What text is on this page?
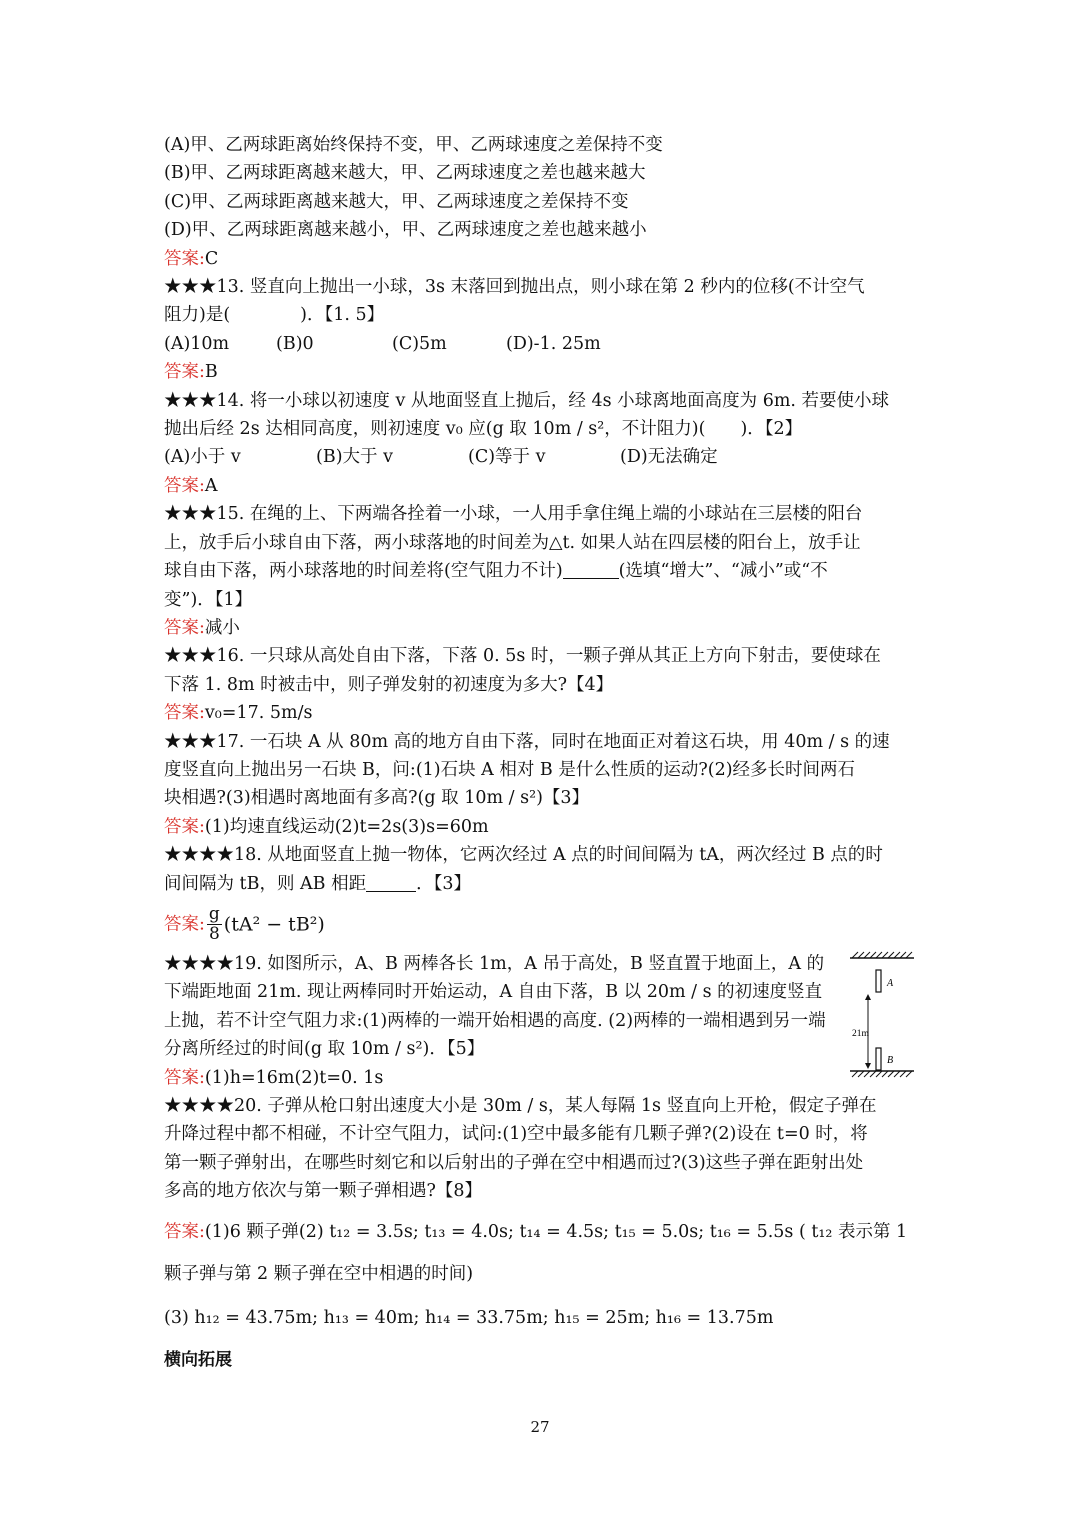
(A)甲、乙两球距离始终保持不变，甲、乙两球速度之差保持不变
(B)甲、乙两球距离越来越大，甲、乙两球速度之差也越来越大
(C)甲、乙两球距离越来越大，甲、乙两球速度之差保持不变
(D)甲、乙两球距离越来越小，甲、乙两球速度之差也越来越小
答案:C
★★★13. 竖直向上抛出一小球，3s 末落回到抛出点，则小球在第 2 秒内的位移(不计空气
阻力)是(　　　　)．【1. 5】
(A)10m	(B)0	(C)5m	(D)-1. 25m
答案:B
★★★14. 将一小球以初速度 v 从地面竖直上抛后，经 4s 小球离地面高度为 6m. 若要使小球
抛出后经 2s 达相同高度，则初速度 v₀ 应(g 取 10m / s²，不计阻力)(　　)．【2】
(A)小于 v	(B)大于 v	(C)等于 v	(D)无法确定
答案:A
★★★15. 在绳的上、下两端各拴着一小球，一人用手拿住绳上端的小球站在三层楼的阳台
上，放手后小球自由下落，两小球落地的时间差为△t. 如果人站在四层楼的阳台上，放手让
球自由下落，两小球落地的时间差将(空气阻力不计)	(选填“增大”、“减小”或“不
变”)．【1】
答案:减小
★★★16. 一只球从高处自由下落，下落 0. 5s 时，一颗子弹从其正上方向下射击，要使球在
下落 1. 8m 时被击中，则子弹发射的初速度为多大?【4】
答案:v₀=17. 5m/s
★★★17. 一石块 A 从 80m 高的地方自由下落，同时在地面正对着这石块，用 40m / s 的速
度竖直向上抛出另一石块 B，问:(1)石块 A 相对 B 是什么性质的运动?(2)经多长时间两石
块相遇?(3)相遇时离地面有多高?(g 取 10m / s²)【3】
答案:(1)均速直线运动(2)t=2s(3)s=60m
★★★★18. 从地面竖直上抛一物体，它两次经过 A 点的时间间隔为 tA，两次经过 B 点的时
间间隔为 tB，则 AB 相距	．【3】
答案: $\frac{g}{8} (tA^2 - tB^2)$
★★★★19. 如图所示，A、B 两棒各长 1m，A 吊于高处，B 竖直置于地面上，A 的下端距地面 21m. 现让两棒同时开始运动，A 自由下落，B 以 20m / s 的初速度竖直上抛，若不计空气阻力求:(1)两棒的一端开始相遇的高度. (2)两棒的一端相遇到另一端分离所经过的时间(g 取 10m / s²)．【5】
答案:(1)h=16m(2)t=0. 1s
A
21m
B
★★★★20. 子弹从枪口射出速度大小是 30m / s，某人每隔 1s 竖直向上开枪，假定子弹在
升降过程中都不相碰，不计空气阻力，试问:(1)空中最多能有几颗子弹?(2)设在 t=0 时，将
第一颗子弹射出，在哪些时刻它和以后射出的子弹在空中相遇而过?(3)这些子弹在距射出处
多高的地方依次与第一颗子弹相遇?【8】
答案:(1)6 颗子弹(2) t₁₂ = 3.5s; t₁₃ = 4.0s; t₁₄ = 4.5s; t₁₅ = 5.0s; t₁₆ = 5.5s ( t₁₂ 表示第 1
颗子弹与第 2 颗子弹在空中相遇的时间)
(3) h₁₂ = 43.75m; h₁₃ = 40m; h₁₄ = 33.75m; h₁₅ = 25m; h₁₆ = 13.75m
横向拓展
27
